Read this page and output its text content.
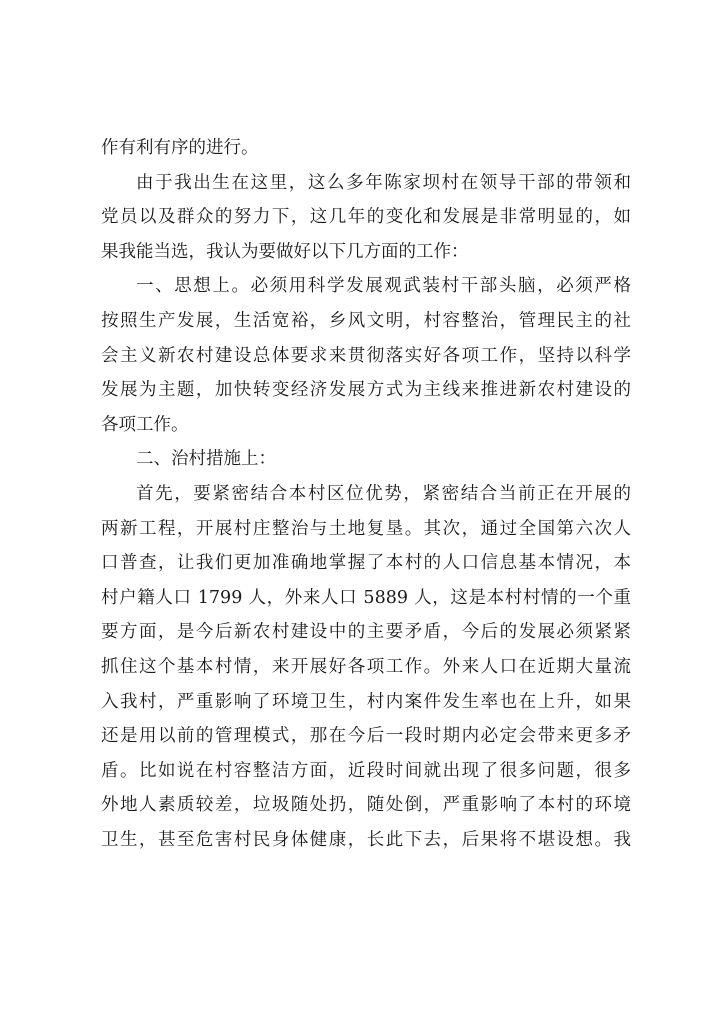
作有利有序的进行。
由于我出生在这里，这么多年陈家坝村在领导干部的带领和
党员以及群众的努力下，这几年的变化和发展是非常明显的，如
果我能当选，我认为要做好以下几方面的工作：
一、思想上。必须用科学发展观武装村干部头脑，必须严格
按照生产发展，生活宽裕，乡风文明，村容整治，管理民主的社
会主义新农村建设总体要求来贯彻落实好各项工作，坚持以科学
发展为主题，加快转变经济发展方式为主线来推进新农村建设的
各项工作。
二、治村措施上：
首先，要紧密结合本村区位优势，紧密结合当前正在开展的
两新工程，开展村庄整治与土地复垦。其次，通过全国第六次人
口普查，让我们更加准确地掌握了本村的人口信息基本情况，本
村户籍人口 1799 人，外来人口 5889 人，这是本村村情的一个重
要方面，是今后新农村建设中的主要矛盾，今后的发展必须紧紧
抓住这个基本村情，来开展好各项工作。外来人口在近期大量流
入我村，严重影响了环境卫生，村内案件发生率也在上升，如果
还是用以前的管理模式，那在今后一段时期内必定会带来更多矛
盾。比如说在村容整洁方面，近段时间就出现了很多问题，很多
外地人素质较差，垃圾随处扔，随处倒，严重影响了本村的环境
卫生，甚至危害村民身体健康，长此下去，后果将不堪设想。我
